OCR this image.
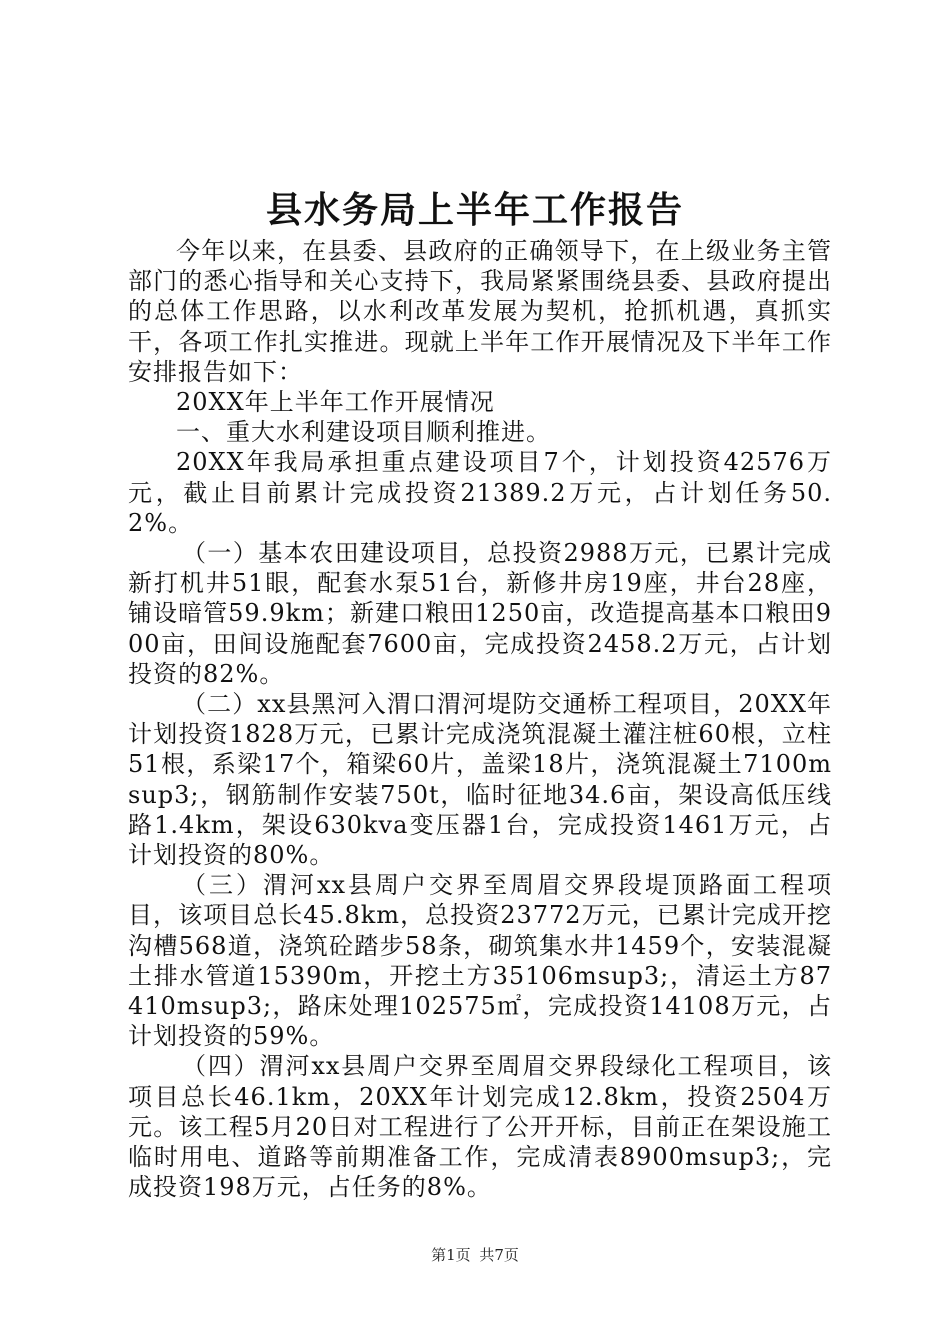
县水务局上半年工作报告

今年以来，在县委、县政府的正确领导下，在上级业务主管部门的悉心指导和关心支持下，我局紧紧围绕县委、县政府提出的总体工作思路，以水利改革发展为契机，抢抓机遇，真抓实干，各项工作扎实推进。现就上半年工作开展情况及下半年工作安排报告如下：

20XX年上半年工作开展情况

一、重大水利建设项目顺利推进。

20XX年我局承担重点建设项目7个，计划投资42576万元，截止目前累计完成投资21389.2万元，占计划任务50.2%。

（一）基本农田建设项目，总投资2988万元，已累计完成新打机井51眼，配套水泵51台，新修井房19座，井台28座，铺设暗管59.9km；新建口粮田1250亩，改造提高基本口粮田900亩，田间设施配套7600亩，完成投资2458.2万元，占计划投资的82%。

（二）xx县黑河入渭口渭河堤防交通桥工程项目，20XX年计划投资1828万元，已累计完成浇筑混凝土灌注桩60根，立柱51根，系梁17个，箱梁60片，盖梁18片，浇筑混凝土7100msup3;，钢筋制作安装750t，临时征地34.6亩，架设高低压线路1.4km，架设630kva变压器1台，完成投资1461万元，占计划投资的80%。

（三）渭河xx县周户交界至周眉交界段堤顶路面工程项目，该项目总长45.8km，总投资23772万元，已累计完成开挖沟槽568道，浇筑砼踏步58条，砌筑集水井1459个，安装混凝土排水管道15390m，开挖土方35106msup3;，清运土方87410msup3;，路床处理102575㎡，完成投资14108万元，占计划投资的59%。

（四）渭河xx县周户交界至周眉交界段绿化工程项目，该项目总长46.1km，20XX年计划完成12.8km，投资2504万元。该工程5月20日对工程进行了公开开标，目前正在架设施工临时用电、道路等前期准备工作，完成清表8900msup3;，完成投资198万元，占任务的8%。

第1页 共7页
